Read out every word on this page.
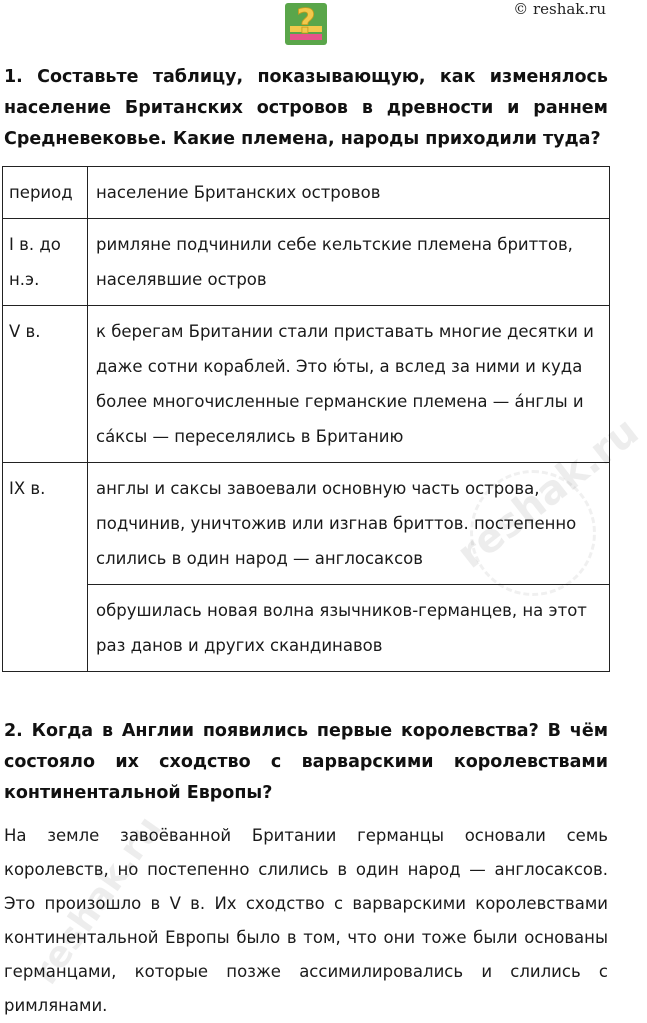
© reshak.ru
?
1. Составьте таблицу, показывающую, как изменялось население Британских островов в древности и раннем Средневековье. Какие племена, народы приходили туда?
период	население Британских островов
I в. до н.э.	римляне подчинили себе кельтские племена бриттов, населявшие остров
V в.	к берегам Британии стали приставать многие десятки и даже сотни кораблей. Это ю́ты, а вслед за ними и куда более многочисленные германские племена — а́нглы и са́ксы — переселялись в Британию
IX в.	англы и саксы завоевали основную часть острова, подчинив, уничтожив или изгнав бриттов. постепенно слились в один народ — англосаксов
	обрушилась новая волна язычников-германцев, на этот раз данов и других скандинавов
2. Когда в Англии появились первые королевства? В чём состояло их сходство с варварскими королевствами континентальной Европы?
На земле завоёванной Британии германцы основали семь королевств, но постепенно слились в один народ — англосаксов. Это произошло в V в. Их сходство с варварскими королевствами континентальной Европы было в том, что они тоже были основаны германцами, которые позже ассимилировались и слились с римлянами.
reshak.ru
reshak.ru
